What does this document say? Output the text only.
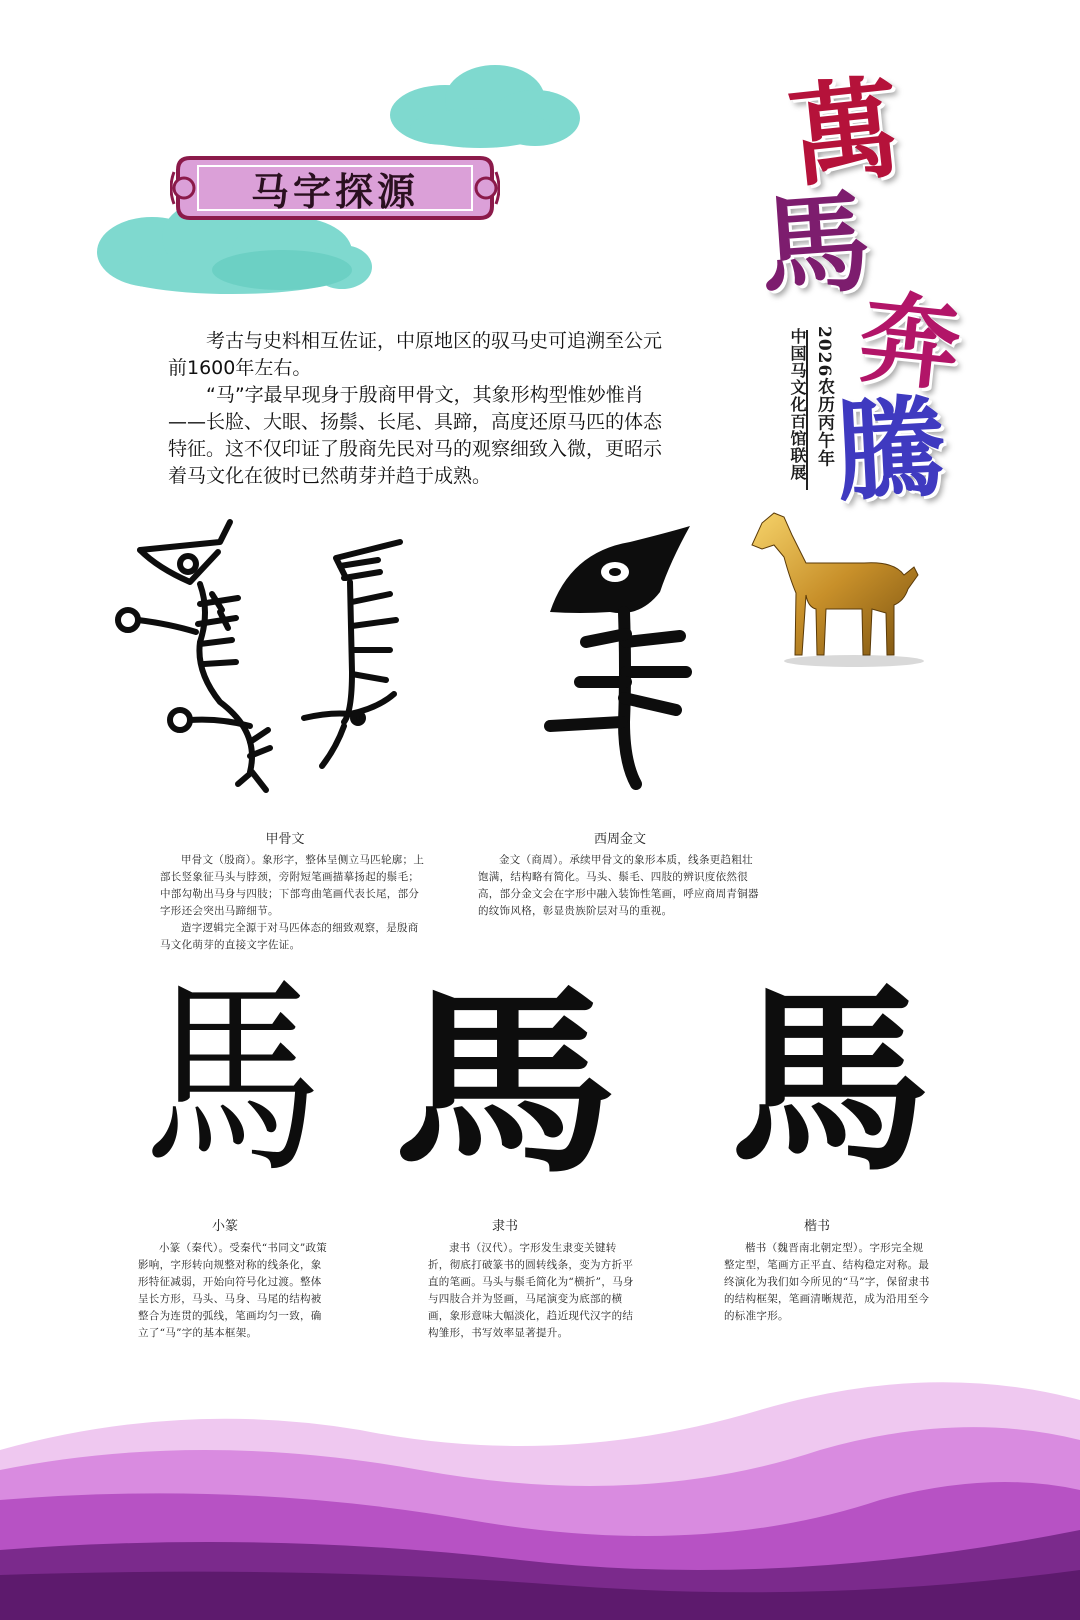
马字探源	萬
馬
奔
騰
2026农历丙午年
中国马文化百馆联展

考古与史料相互佐证，中原地区的驭马史可追溯至公元前1600年左右。

“马”字最早现身于殷商甲骨文，其象形构型惟妙惟肖——长脸、大眼、扬鬃、长尾、具蹄，高度还原马匹的体态特征。这不仅印证了殷商先民对马的观察细致入微，更昭示着马文化在彼时已然萌芽并趋于成熟。

甲骨文

甲骨文（殷商）。象形字，整体呈侧立马匹轮廓；上部长竖象征马头与脖颈，旁附短笔画描摹扬起的鬃毛；中部勾勒出马身与四肢；下部弯曲笔画代表长尾，部分字形还会突出马蹄细节。

造字逻辑完全源于对马匹体态的细致观察，是殷商马文化萌芽的直接文字佐证。

西周金文

金文（商周）。承续甲骨文的象形本质，线条更趋粗壮饱满，结构略有简化。马头、鬃毛、四肢的辨识度依然很高，部分金文会在字形中融入装饰性笔画，呼应商周青铜器的纹饰风格，彰显贵族阶层对马的重视。

馬 馬 馬
小篆

小篆（秦代）。受秦代“书同文”政策影响，字形转向规整对称的线条化，象形特征减弱，开始向符号化过渡。整体呈长方形，马头、马身、马尾的结构被整合为连贯的弧线，笔画均匀一致，确立了“马”字的基本框架。

隶书

隶书（汉代）。字形发生隶变关键转折，彻底打破篆书的圆转线条，变为方折平直的笔画。马头与鬃毛简化为“横折”，马身与四肢合并为竖画，马尾演变为底部的横画，象形意味大幅淡化，趋近现代汉字的结构雏形，书写效率显著提升。

楷书

楷书（魏晋南北朝定型）。字形完全规整定型，笔画方正平直、结构稳定对称。最终演化为我们如今所见的“马”字，保留隶书的结构框架，笔画清晰规范，成为沿用至今的标准字形。
